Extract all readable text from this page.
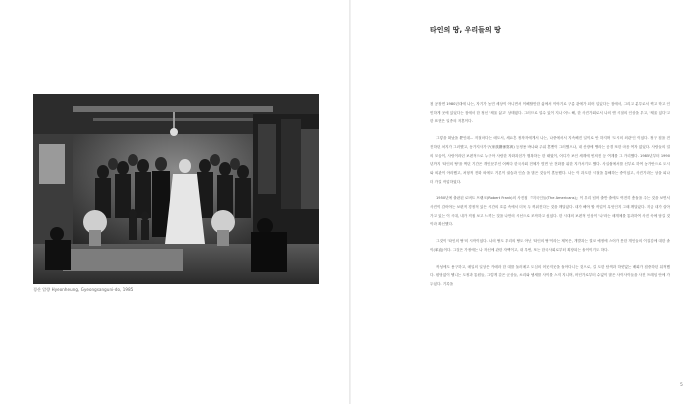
경산 압량 Hyeonheung, Gyeongsanguni-do, 1985
타인의 땅, 우리들의 땅

첫 공장면 1980년대에 나는, 자기가 농민 세상이 아니면서 이해할만한 삶에서 이야기로 구름 관에가 되어 입있다는 점에서, 그리고 분투로서 찍고 학고 인민하게 곳에 있었다는 점에서 한 정신 '채울 삶고' 상태였다. 그러므로 얼수 있이 지나 어느 해, 한 사진가회로서 나의 앤 시절의 인상을 우고, '채울 있다'고 한 표현은 일종의 저혼이다.

그렇을 떠났을 뿐인데... 저절마다는 매도서, 세요흔 정착자에게서 나는, 나중에서서 지속해진 일이로 안 하지며 '도시의 외관'인 이었다. 정구 집을 전진하던 처지가 그러했고, 동가지사가구(家族關係寫眞) 등정용 바나와 주위 혼맨이 그러했으나, 내 산장에 앵라는 공경 또한 마음 여자 없었다. 사랑들의 얼의 모습이, 사랑이라던 보편적으로 누구아 사람한 자화과친가 행복하는 한 때였이, 어디가 보인 세계에 빈져진 등 여계를 그 가리했다. 1985년부터 1990년까지 '타인의 땅'을 찍던 기간은 개인문부인 어쩌다 한국사회 전체가 빗면 난 전화를 위한 지가서기도 했다. 사실쉼에서를 신부로 하여 농가안으로 도시와 외관이 아라했고, 처형적 전화 외에도 거론이 권습과 인습 을 많은 것들이 혼동했다. 나는 이 과도한 시절을 통해하는 중이었고, 사진기라는 상을 피나 더 가길 작업하였다.

1950년에 출판된 로버트 프랭크(Robert Frank)의 사진집 『미국인들(The Americans)』이 우리 넘어 출반 출에도 여전히 충돌을 주는 것을 보면서 사진이 감어야는 보편적 경정적 있든 시간의 흐름 속에서 더욱 두 꺼워진다는 것을 깨달았다. 내가 해야 할 작업이 무엇인지 그때 깨달았다. 지금 내가 살아가고 있는 이 시대, 내가 직접 보고 느끼는 것을 나만의 시선으로 조작하고 싶었다. 한 시대의 보편적 인상이 '나'라는 매개체를 통과하여 사진 속에 담길 것이라 확신했다.

그것이 '타인의 땅'의 시작이었다. 나의 땅도 우리의 땅도 아닌 '타인의 땅'이라는 제목은, 개발과는 결코 예정에 스어가 못한 개인들의 이질감에 대한 솔이(率直)이다. 그것은 가정에는 나 자신에 관한 자백이고, 내 우번, 또는 한국사회로부터 획장되는 솔이이기도 하다.

작성에도 용구하고, 매일의 일상은 카메라 한 대를 둘러메고 도심의 어곳저곳을 돌아다니는 것으로, 길 도한 탐색과 하얏없는 배회가 집중하던 뒤적했다. 원당없이 헬니는 도정과 통원들, 그렇게 같은 군상들, 소리와 냄새를 사이를 스저 지니며, 어딘가로부터 수없이 많은 사이사이들을 사진 프레임 안에 가두었다. 기록을

5
